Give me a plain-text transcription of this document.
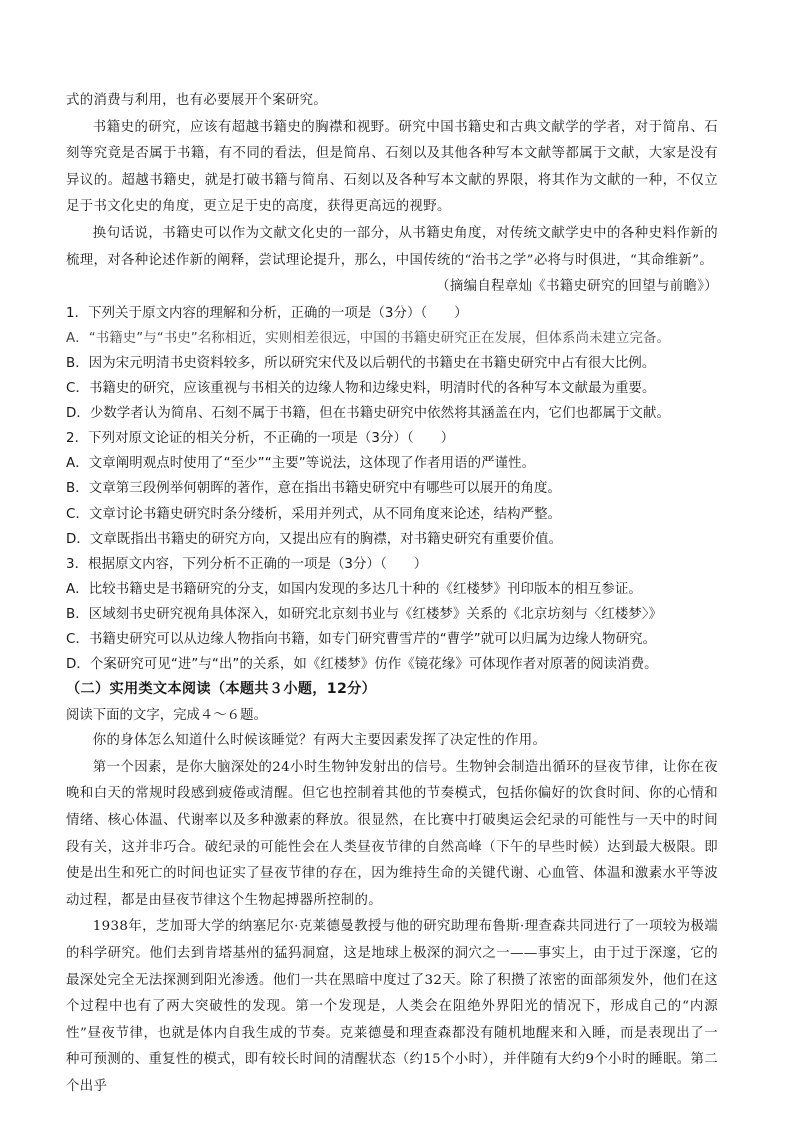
式的消费与利用，也有必要展开个案研究。

书籍史的研究，应该有超越书籍史的胸襟和视野。研究中国书籍史和古典文献学的学者，对于简帛、石刻等究竟是否属于书籍，有不同的看法，但是简帛、石刻以及其他各种写本文献等都属于文献，大家是没有异议的。超越书籍史，就是打破书籍与简帛、石刻以及各种写本文献的界限，将其作为文献的一种，不仅立足于书文化史的角度，更立足于史的高度，获得更高远的视野。

换句话说，书籍史可以作为文献文化史的一部分，从书籍史角度，对传统文献学史中的各种史料作新的梳理，对各种论述作新的阐释，尝试理论提升，那么，中国传统的“治书之学”必将与时俱进，“其命维新”。

（摘编自程章灿《书籍史研究的回望与前瞻》）

1．下列关于原文内容的理解和分析，正确的一项是（3分）（　　）

A．“书籍史”与“书史”名称相近，实则相差很远，中国的书籍史研究正在发展，但体系尚未建立完备。

B．因为宋元明清书史资料较多，所以研究宋代及以后朝代的书籍史在书籍史研究中占有很大比例。

C．书籍史的研究，应该重视与书相关的边缘人物和边缘史料，明清时代的各种写本文献最为重要。

D．少数学者认为简帛、石刻不属于书籍，但在书籍史研究中依然将其涵盖在内，它们也都属于文献。

2．下列对原文论证的相关分析，不正确的一项是（3分）（　　）

A．文章阐明观点时使用了“至少”“主要”等说法，这体现了作者用语的严谨性。

B．文章第三段例举何朝晖的著作，意在指出书籍史研究中有哪些可以展开的角度。

C．文章讨论书籍史研究时条分缕析，采用并列式，从不同角度来论述，结构严整。

D．文章既指出书籍史的研究方向，又提出应有的胸襟，对书籍史研究有重要价值。

3．根据原文内容，下列分析不正确的一项是（3分）（　　）

A．比较书籍史是书籍研究的分支，如国内发现的多达几十种的《红楼梦》刊印版本的相互参证。

B．区域刻书史研究视角具体深入，如研究北京刻书业与《红楼梦》关系的《北京坊刻与〈红楼梦〉》

C．书籍史研究可以从边缘人物指向书籍，如专门研究曹雪芹的“曹学”就可以归属为边缘人物研究。

D．个案研究可见“进”与“出”的关系，如《红楼梦》仿作《镜花缘》可体现作者对原著的阅读消费。

（二）实用类文本阅读（本题共３小题，12分）

阅读下面的文字，完成４～６题。

你的身体怎么知道什么时候该睡觉？有两大主要因素发挥了决定性的作用。

第一个因素，是你大脑深处的24小时生物钟发射出的信号。生物钟会制造出循环的昼夜节律，让你在夜晚和白天的常规时段感到疲倦或清醒。但它也控制着其他的节奏模式，包括你偏好的饮食时间、你的心情和情绪、核心体温、代谢率以及多种激素的释放。很显然，在比赛中打破奥运会纪录的可能性与一天中的时间段有关，这并非巧合。破纪录的可能性会在人类昼夜节律的自然高峰（下午的早些时候）达到最大极限。即使是出生和死亡的时间也证实了昼夜节律的存在，因为维持生命的关键代谢、心血管、体温和激素水平等波动过程，都是由昼夜节律这个生物起搏器所控制的。

1938年，芝加哥大学的纳塞尼尔·克莱德曼教授与他的研究助理布鲁斯·理查森共同进行了一项较为极端的科学研究。他们去到肯塔基州的猛犸洞窟，这是地球上极深的洞穴之一——事实上，由于过于深邃，它的最深处完全无法探测到阳光渗透。他们一共在黑暗中度过了32天。除了积攒了浓密的面部须发外，他们在这个过程中也有了两大突破性的发现。第一个发现是，人类会在阻绝外界阳光的情况下，形成自己的“内源性”昼夜节律，也就是体内自我生成的节奏。克莱德曼和理查森都没有随机地醒来和入睡，而是表现出了一种可预测的、重复性的模式，即有较长时间的清醒状态（约15个小时），并伴随有大约9个小时的睡眠。第二个出乎
